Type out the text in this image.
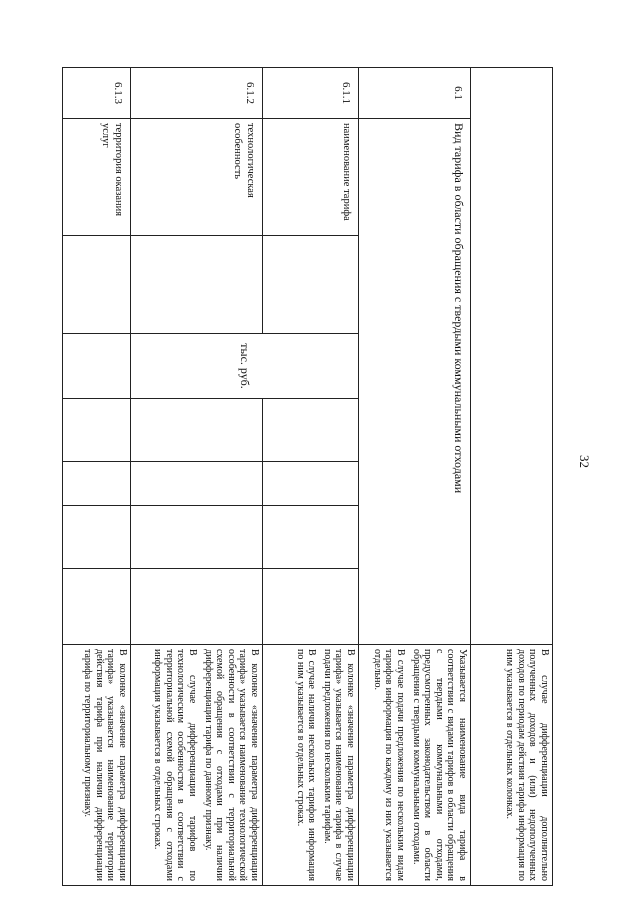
32

								В случае дифференциации дополнительно полученных доходов и (или) недополученных доходов по периодам действия тарифа информация по ним указывается в отдельных колонках.

6.1	Вид тарифа в области обращения с твердыми коммунальными отходами							Указывается наименование вида тарифа в соответствии с видами тарифов в области обращения с твердыми коммунальными отходами, предусмотренных законодательством в области обращения с твердыми коммунальными отходами.

В случае подачи предложения по нескольким видам тарифов информация по каждому из них указывается отдельно.

6.1.1	наименование тарифа		тыс. руб.					В колонке «значение параметра дифференциации тарифа» указывается наименование тарифа в случае подачи предложения по нескольким тарифам.

В случае наличия нескольких тарифов информация по ним указывается в отдельных строках.

6.1.2	технологическая особенность							В колонке «значение параметра дифференциации тарифа» указывается наименование технологической особенности в соответствии с территориальной схемой обращения с отходами при наличии дифференциации тарифа по данному признаку.

В случае дифференциации тарифов по технологическим особенностям в соответствии с территориальной схемой обращения с отходами информация указывается в отдельных строках.

6.1.3	территория оказания услуг							В колонке «значение параметра дифференциации тарифа» указывается наименование территории действия тарифа при наличии дифференциации тарифа по территориальному признаку.
